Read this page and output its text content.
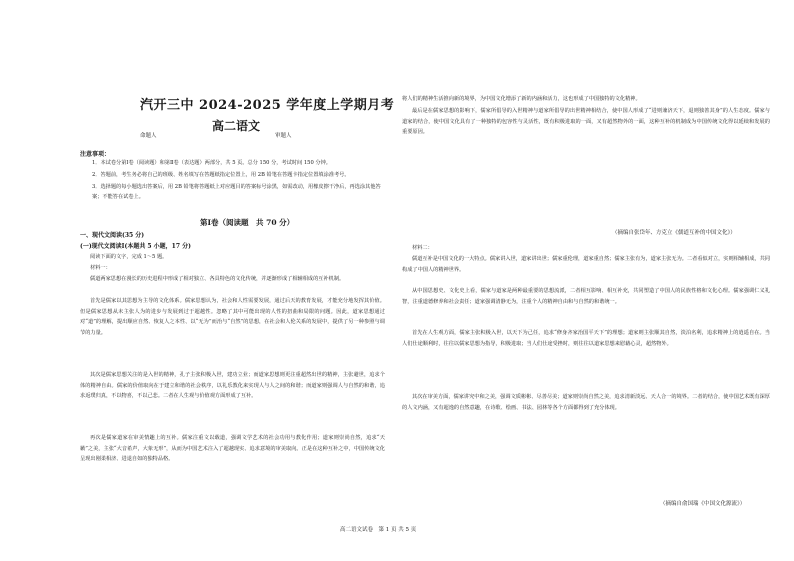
汽开三中 2024-2025 学年度上学期月考
高二语文
命题人	审题人
注意事项：
1．本试卷分第Ⅰ卷（阅读题）和第Ⅱ卷（表达题）两部分，共 5 页。总分 150 分，考试时间 150 分钟。
2．答题前，考生务必将自己的班级、姓名填写在答题纸指定位置上，用 2B 铅笔在答题卡指定位置填涂准考号。
3．选择题的每小题选出答案后，用 2B 铅笔将答题纸上对应题目的答案标号涂黑，如需改动，用橡皮擦干净后，再选涂其他答案；不能答在试卷上。
第Ⅰ卷（阅读题　共 70 分）
一、现代文阅读(35 分)
(一)现代文阅读Ⅰ(本题共 5 小题，17 分)
阅读下面的文字，完成 1～5 题。
材料一：
儒道两家思想在漫长的历史进程中形成了相对独立、各具特色的文化传统，并逐渐形成了相辅相成的互补机制。
首先是儒家以其思想为主导的文化体系。儒家思想认为，社会和人性需要发展，通过后天的教育发展，才能充分地发挥其价值。但是儒家思想从未主张人为的进步与发展到过于超越性。忽略了其中可能出现的人性的扭曲和局限的问题。因此，道家思想通过对“道”的理解，提出顺应自然、恢复人之本性、以“无为”而治与“自然”的思想，在社会和人伦关系的发展中，提供了另一种参照与调节的力量。
其次是儒家思想关注的是入世的精神，孔子主张积极入世，建功立业；而道家思想则更注重超然出世的精神，主张避世，追求个体的精神自由。儒家的价值取向在于建立和谐的社会秩序，以礼乐教化来实现人与人之间的和谐；而道家则强调人与自然的和谐，追求返璞归真，不以物喜，不以己悲。二者在人生观与价值观方面形成了互补。
再次是儒家道家在审美情趣上的互补。儒家注重文以载道，强调文学艺术的社会功用与教化作用；道家则崇尚自然，追求“天籁”之美，主张“大音希声，大象无形”，从而为中国艺术注入了超越现实、追求意境的审美取向。正是在这种互补之中，中国传统文化呈现出刚柔相济、进退自如的独特品格。
将人们的精神生活推向新的境界，为中国文化增添了新的内涵和活力，这也形成了中国独特的文化精神。
最后是在儒家思想的影响下，儒家所倡导的入世精神与道家所倡导的出世精神相结合，使中国人形成了“进则兼济天下，退则独善其身”的人生态度。儒家与道家的结合，使中国文化具有了一种独特的包容性与灵活性，既有积极进取的一面，又有超然物外的一面，这种互补的机制成为中国传统文化得以延续和发展的重要原因。
（摘编自张岱年、方克立《儒道互补的中国文化》）
材料二：
儒道互补是中国文化的一大特点。儒家讲入世，道家讲出世；儒家重伦理，道家重自然；儒家主张有为，道家主张无为。二者看似对立，实则相辅相成，共同构成了中国人的精神世界。
从中国思想史、文化史上看，儒家与道家是两种最重要的思想流派，二者相互影响、相互补充，共同塑造了中国人的民族性格和文化心理。儒家强调仁义礼智，注重道德修养和社会责任；道家强调清静无为，注重个人的精神自由和与自然的和谐统一。
首先在人生观方面，儒家主张积极入世，以天下为己任，追求“修身齐家治国平天下”的理想；道家则主张顺其自然，淡泊名利，追求精神上的逍遥自在。当人们仕途顺利时，往往以儒家思想为指导，积极进取；当人们仕途受挫时，则往往以道家思想来慰藉心灵，超然物外。
其次在审美方面，儒家讲究中和之美，强调文质彬彬、尽善尽美；道家则崇尚自然之美，追求清新淡远、天人合一的境界。二者的结合，使中国艺术既有深厚的人文内涵，又有超逸的自然意趣，在诗歌、绘画、书法、园林等各个方面都得到了充分体现。
（摘编自俞国瑞《中国文化源流》）
高二语文试卷　第 1 页 共 5 页
